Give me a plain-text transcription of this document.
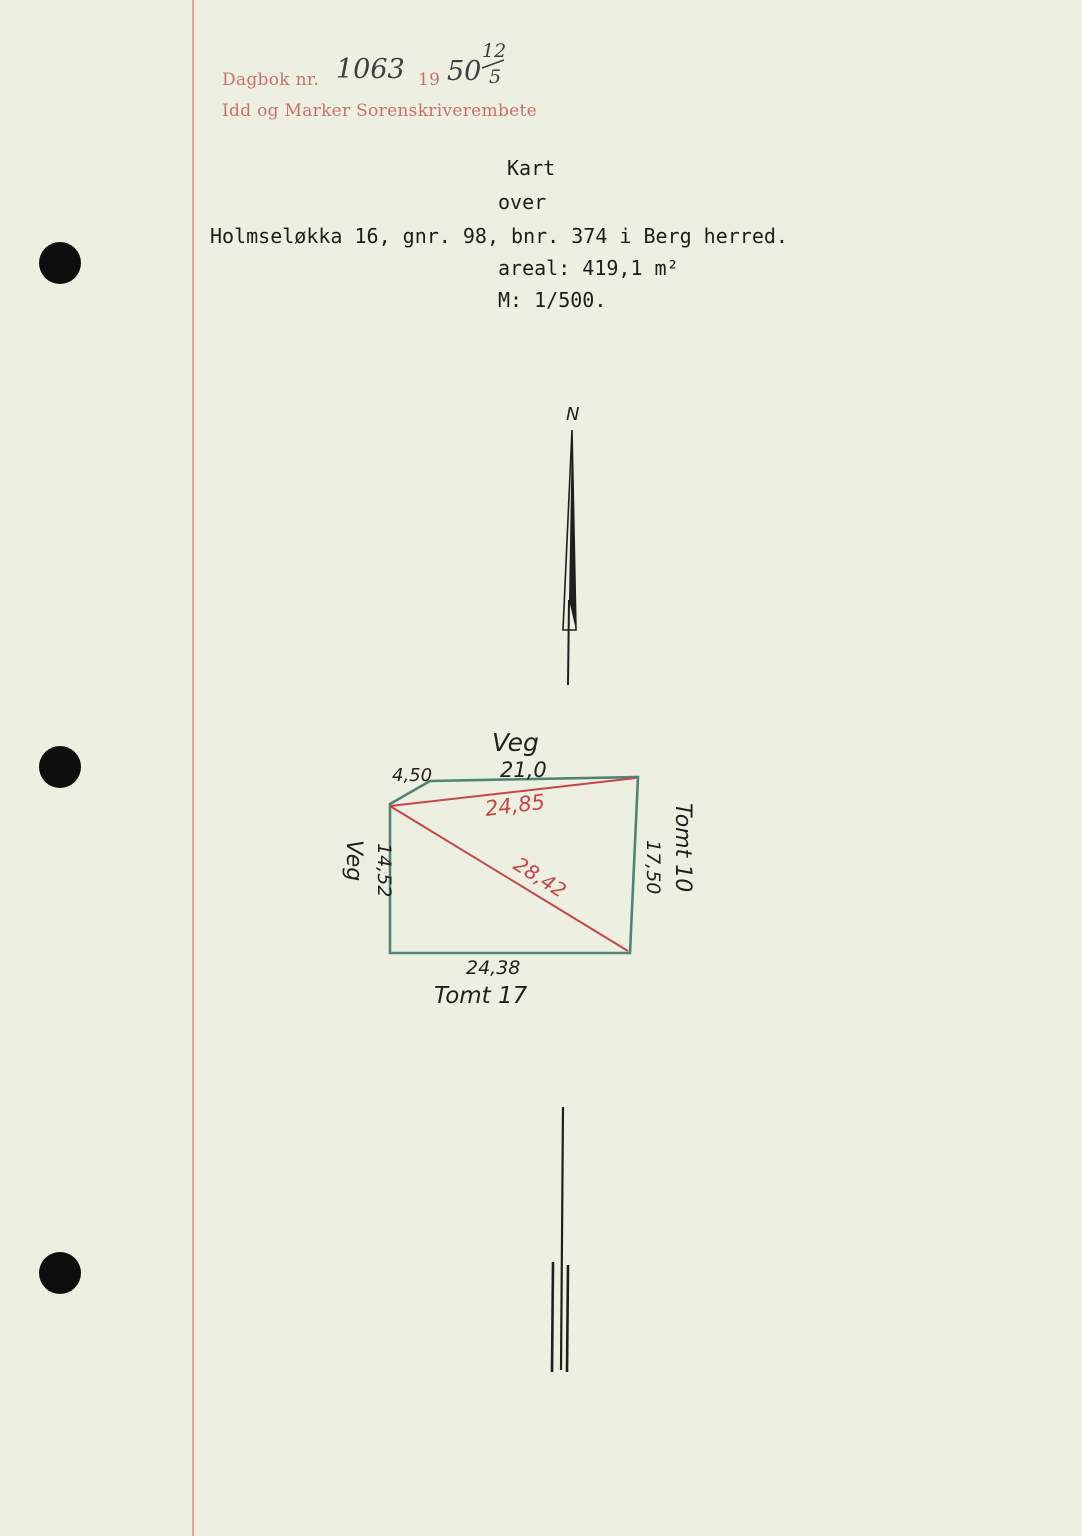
Dagbok nr. 1063 19 50
12
5
Idd og Marker Sorenskriverembete
Kart
over
Holmseløkka 16, gnr. 98, bnr. 374 i Berg herred.
areal: 419,1 m²
M: 1/500.
N
Veg
4,50	21,0
24,85
28,42
14,52
Veg	17,50 Tomt 10
24,38
Tomt 17
